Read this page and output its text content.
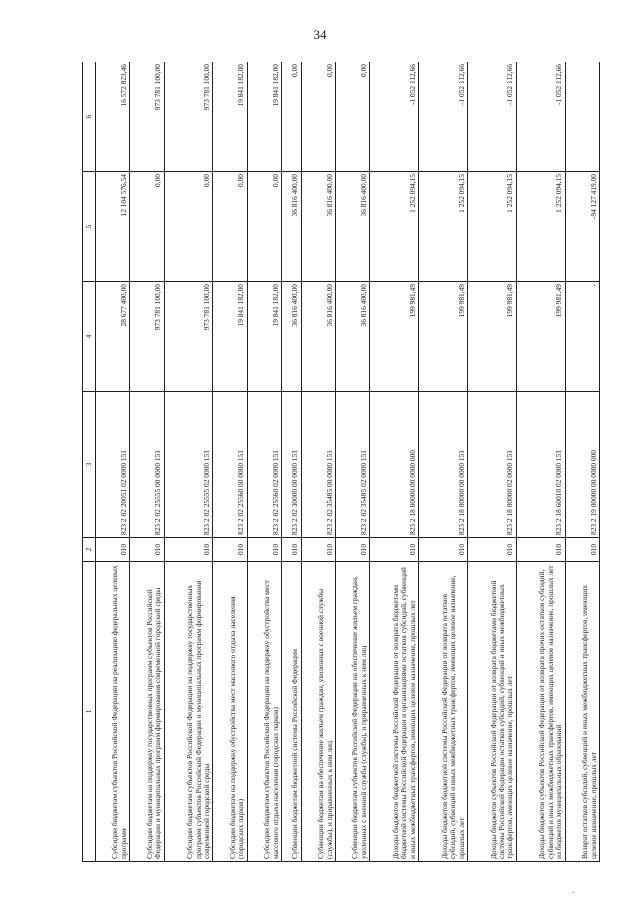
34
1	2	3	4	5	6
Субсидии бюджетам субъектов Российской Федерации на реализацию федеральных целевых программ	010	823 2 02 20051 02 0000 151	28 677 400,00	12 104 576,54	16 572 823,46
Субсидии бюджетам на поддержку государственных программ субъектов Российской Федерации и муниципальных программ формирования современной городской среды	010	823 2 02 25555 00 0000 151	973 781 100,00	0,00	973 781 100,00
Субсидии бюджетам субъектов Российской Федерации на поддержку государственных программ субъектов Российской Федерации и муниципальных программ формирования современной городской среды	010	823 2 02 25555 02 0000 151	973 781 100,00	0,00	973 781 100,00
Субсидии бюджетам на поддержку обустройства мест массового отдыха населения (городских парков)	010	823 2 02 25560 00 0000 151	19 841 182,00	0,00	19 841 182,00
Субсидии бюджетам субъектов Российской Федерации на поддержку обустройства мест массового отдыха населения (городских парков)	010	823 2 02 25560 02 0000 151	19 841 182,00	0,00	19 841 182,00
Субвенции бюджетам бюджетной системы Российской Федерации	010	823 2 02 30000 00 0000 151	36 816 400,00	36 816 400,00	0,00
Субвенции бюджетам на обеспечение жильем граждан, уволенных с военной службы (службы), и приравненных к ним лиц	010	823 2 02 35485 00 0000 151	36 816 400,00	36 816 400,00	0,00
Субвенции бюджетам субъектов Российской Федерации на обеспечение жильем граждан, уволенных с военной службы (службы), и приравненных к ним лиц	010	823 2 02 35485 02 0000 151	36 816 400,00	36 816 400,00	0,00
Доходы бюджетов бюджетной системы Российской Федерации от возврата бюджетами бюджетной системы Российской Федерации и организациями остатков субсидий, субвенций и иных межбюджетных трансфертов, имеющих целевое назначение, прошлых лет	010	823 2 18 00000 00 0000 000	199 981,49	1 252 094,15	-1 052 112,66
Доходы бюджетов бюджетной системы Российской Федерации от возврата остатков субсидий, субвенций и иных межбюджетных трансфертов, имеющих целевое назначение, прошлых лет	010	823 2 18 00000 00 0000 151	199 981,49	1 252 094,15	-1 052 112,66
Доходы бюджетов субъектов Российской Федерации от возврата бюджетами бюджетной системы Российской Федерации остатков субсидий, субвенций и иных межбюджетных трансфертов, имеющих целевое назначение, прошлых лет	010	823 2 18 00000 02 0000 151	199 981,49	1 252 094,15	-1 052 112,66
Доходы бюджетов субъектов Российской Федерации от возврата прочих остатков субсидий, субвенций и иных межбюджетных трансфертов, имеющих целевое назначение, прошлых лет из бюджетов муниципальных образований	010	823 2 18 60010 02 0000 151	199 981,49	1 252 094,15	-1 052 112,66
Возврат остатков субсидий, субвенций и иных межбюджетных трансфертов, имеющих целевое назначение, прошлых лет	010	823 2 19 00000 00 0000 000	-	-94 127 419,00	
.
